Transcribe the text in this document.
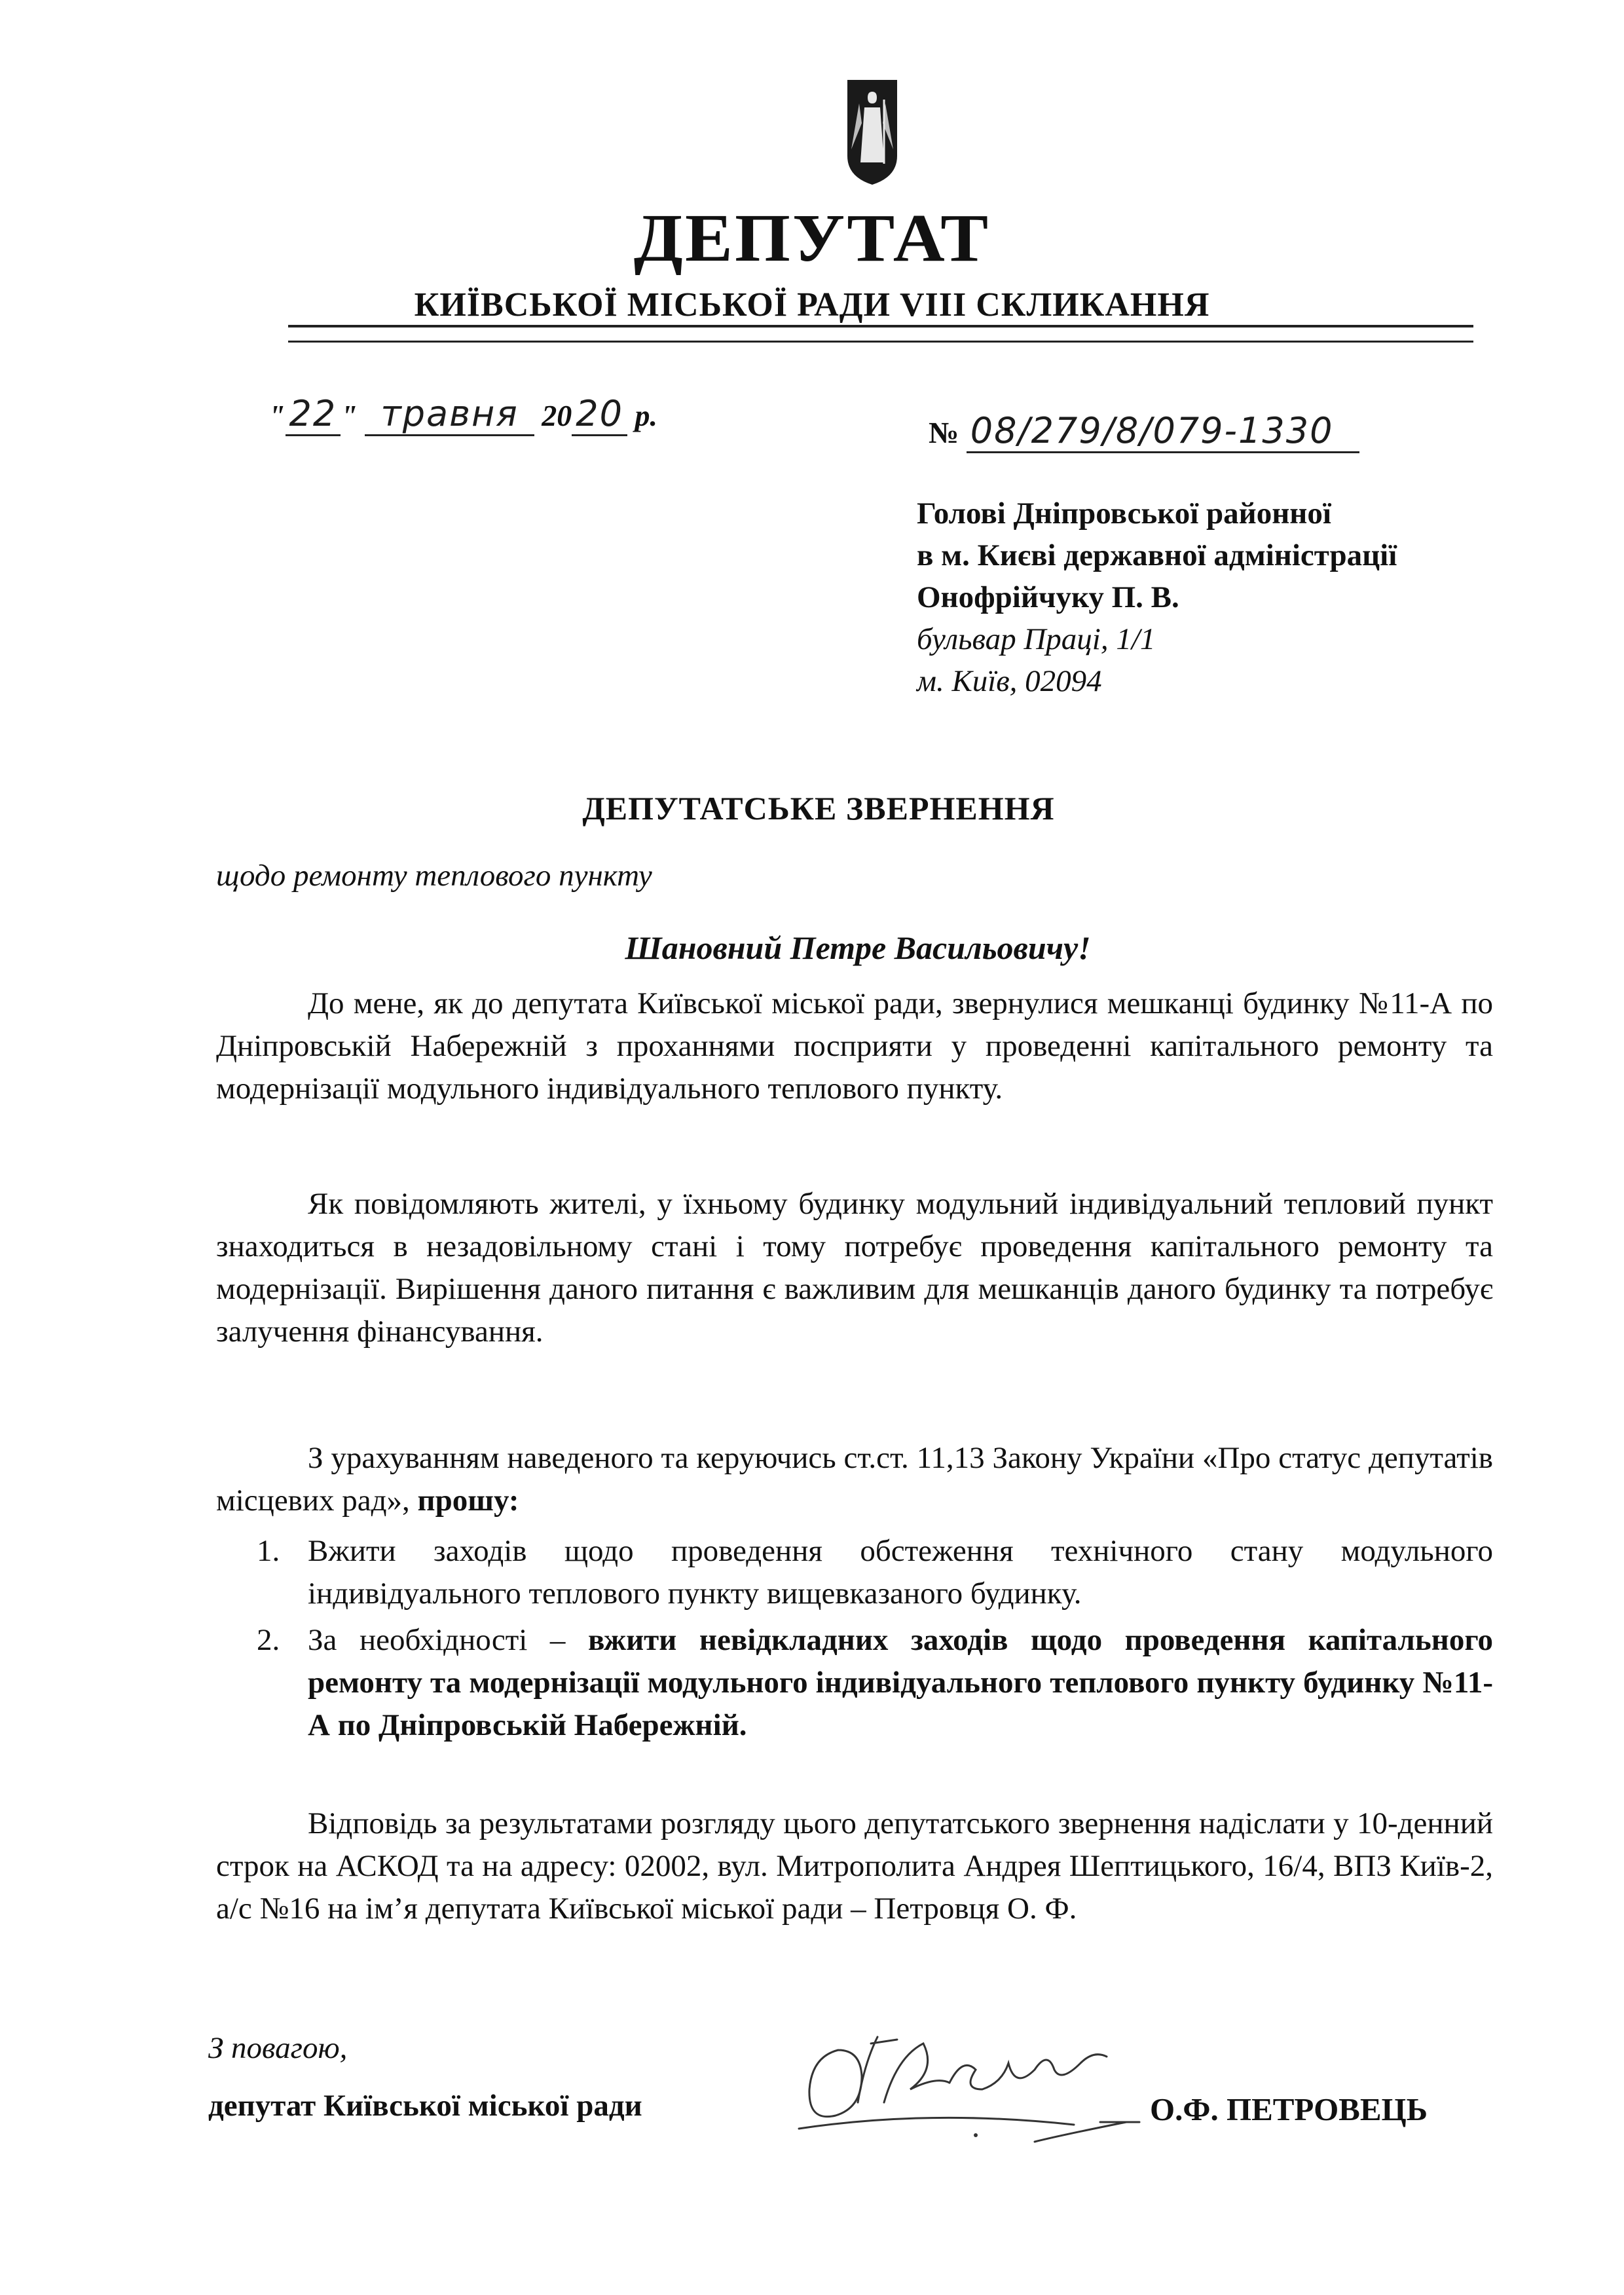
ДЕПУТАТ
КИЇВСЬКОЇ МІСЬКОЇ РАДИ VIII СКЛИКАННЯ
" 22 " травня 20 20 р.
№ 08/279/8/079-1330
Голові Дніпровської районної
в м. Києві державної адміністрації
Онофрійчуку П. В.
бульвар Праці, 1/1
м. Київ, 02094
ДЕПУТАТСЬКЕ ЗВЕРНЕННЯ
щодо ремонту теплового пункту
Шановний Петре Васильовичу!

До мене, як до депутата Київської міської ради, звернулися мешканці будинку №11-А по Дніпровській Набережній з проханнями посприяти у проведенні капітального ремонту та модернізації модульного індивідуального теплового пункту.

Як повідомляють жителі, у їхньому будинку модульний індивідуальний тепловий пункт знаходиться в незадовільному стані і тому потребує проведення капітального ремонту та модернізації. Вирішення даного питання є важливим для мешканців даного будинку та потребує залучення фінансування.

З урахуванням наведеного та керуючись ст.ст. 11,13 Закону України «Про статус депутатів місцевих рад», прошу:

1. Вжити заходів щодо проведення обстеження технічного стану модульного індивідуального теплового пункту вищевказаного будинку.
2. За необхідності – вжити невідкладних заходів щодо проведення капітального ремонту та модернізації модульного індивідуального теплового пункту будинку №11-А по Дніпровській Набережній.

Відповідь за результатами розгляду цього депутатського звернення надіслати у 10-денний строк на АСКОД та на адресу: 02002, вул. Митрополита Андрея Шептицького, 16/4, ВПЗ Київ-2, а/с №16 на ім’я депутата Київської міської ради – Петровця О. Ф.

З повагою,
депутат Київської міської ради	О.Ф. ПЕТРОВЕЦЬ
